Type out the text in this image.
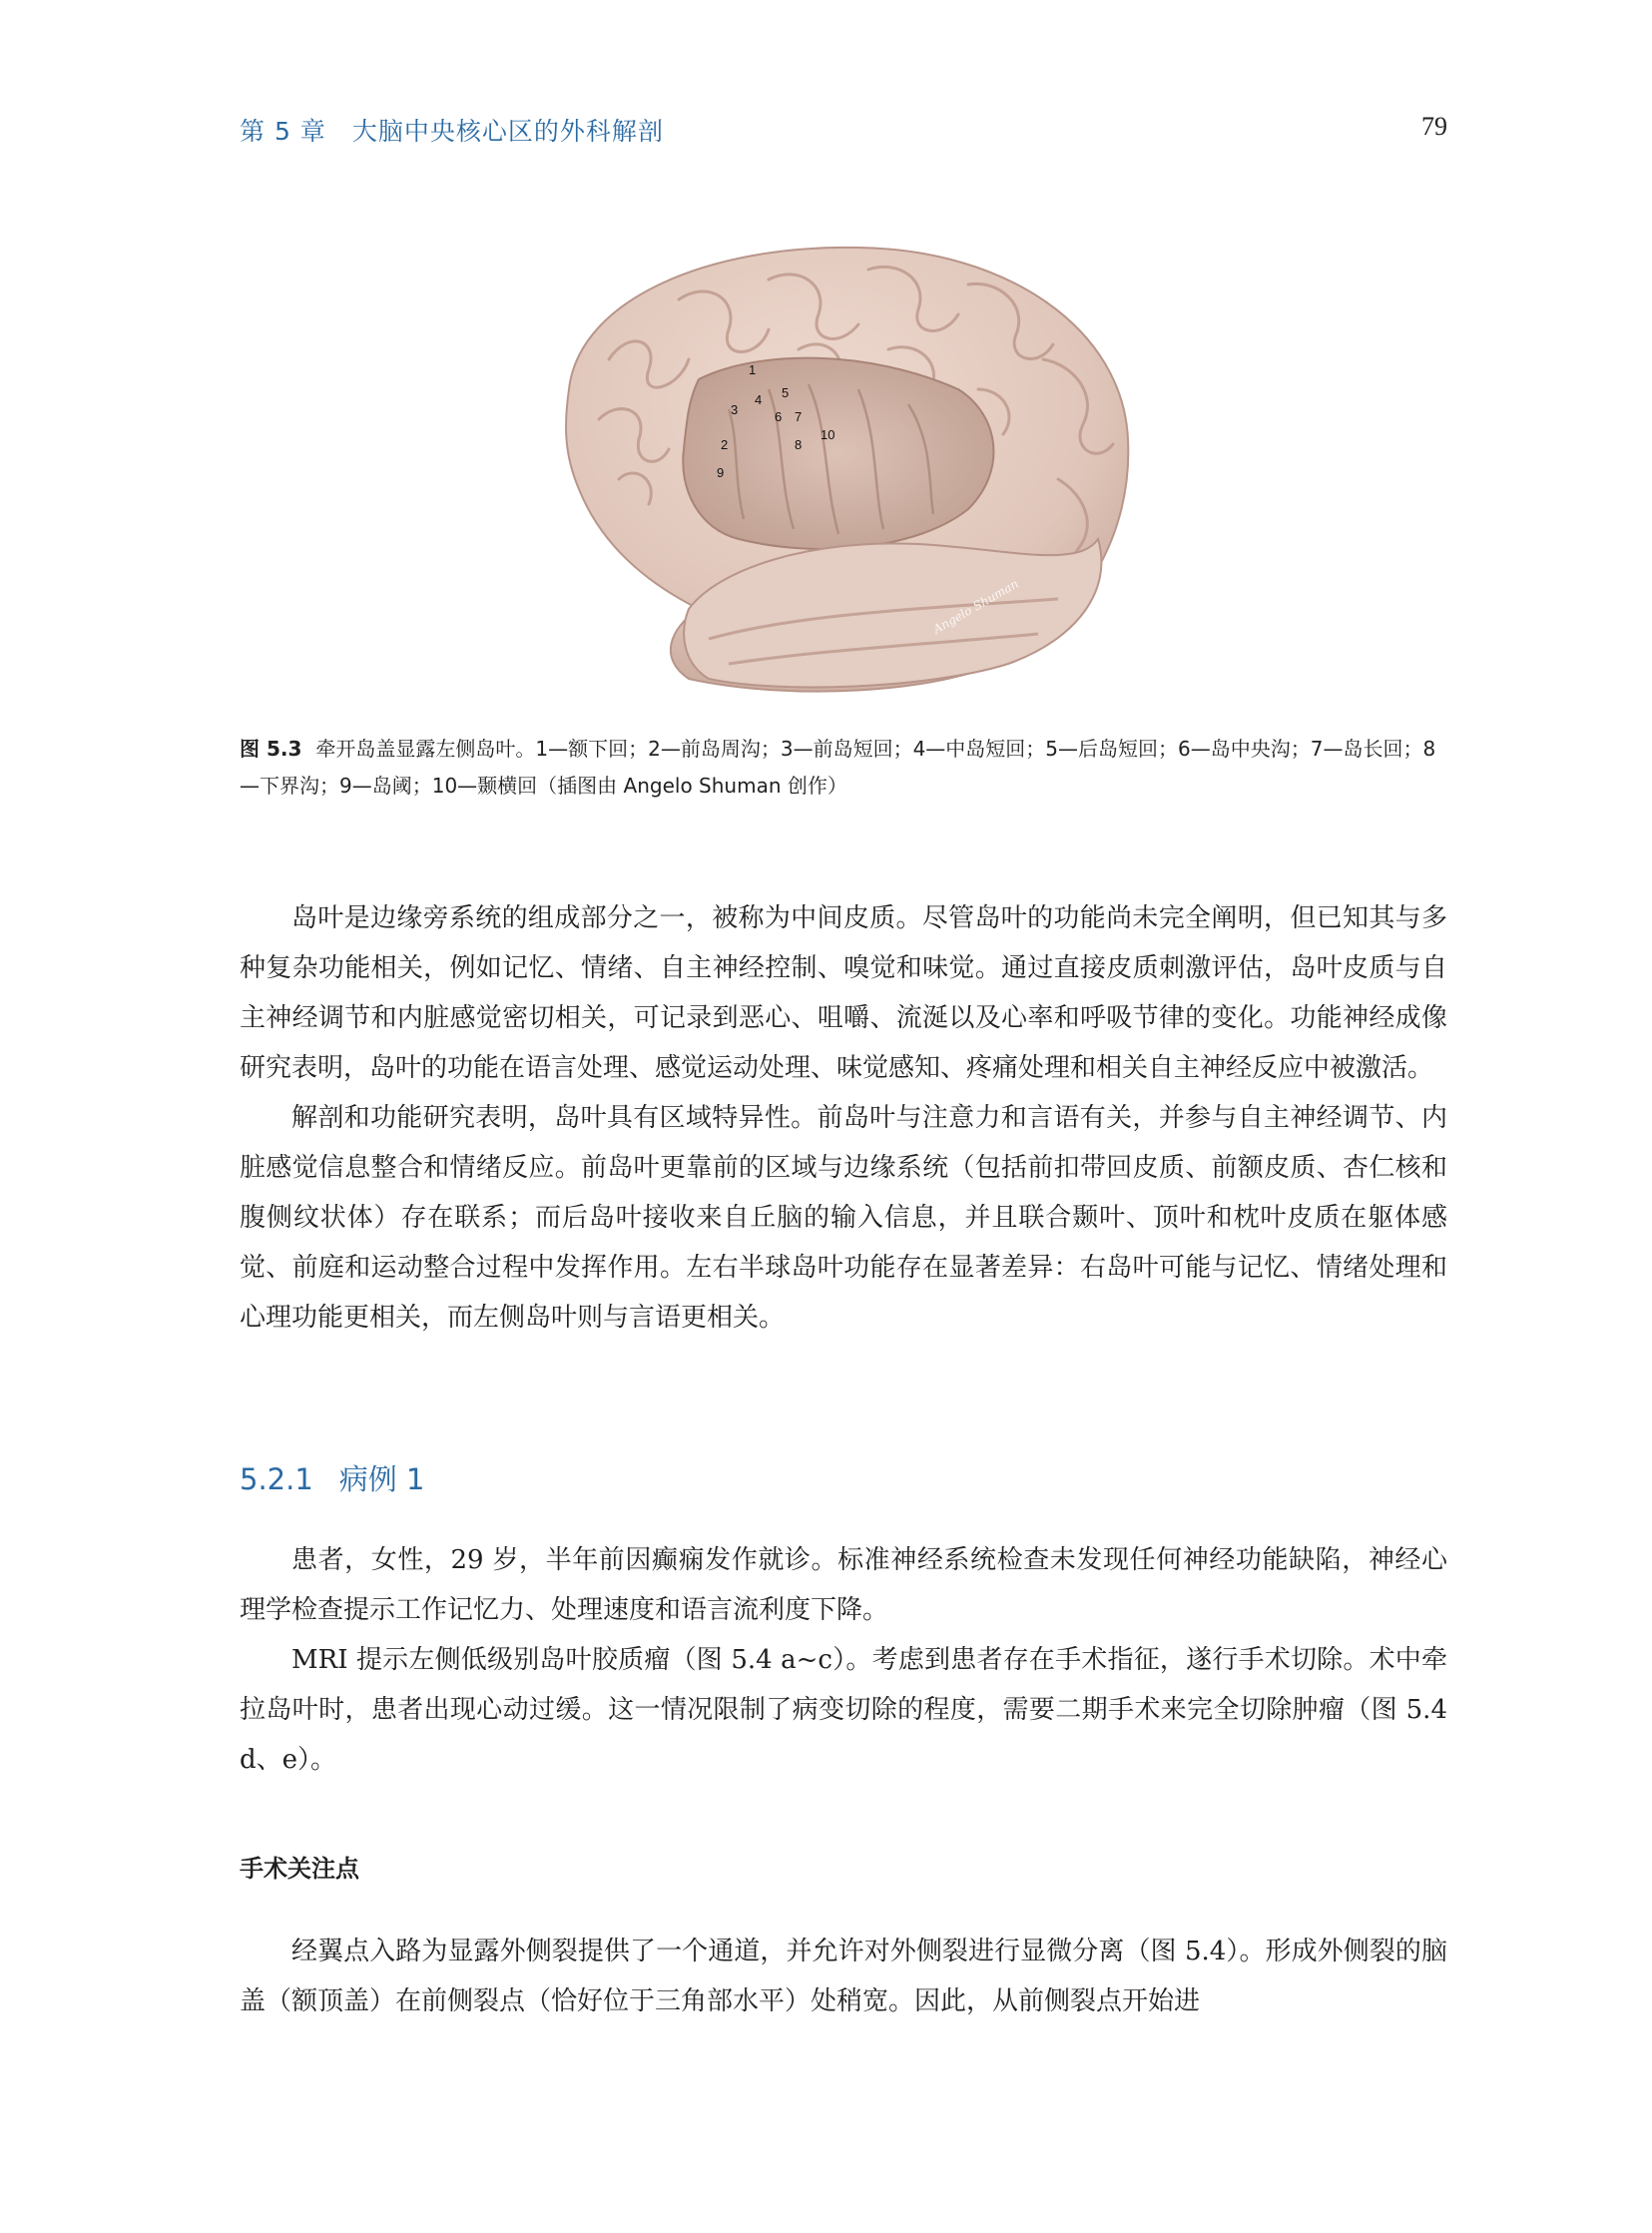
第 5 章 大脑中央核心区的外科解剖	79
1
2
3
4 5
6 7
8
9
10
Angelo Shuman
图 5.3 牵开岛盖显露左侧岛叶。1—额下回；2—前岛周沟；3—前岛短回；4—中岛短回；5—后岛短回；6—岛中央沟；7—岛长回；8—下界沟；9—岛阈；10—颞横回（插图由 Angelo Shuman 创作）

岛叶是边缘旁系统的组成部分之一，被称为中间皮质。尽管岛叶的功能尚未完全阐明，但已知其与多种复杂功能相关，例如记忆、情绪、自主神经控制、嗅觉和味觉。通过直接皮质刺激评估，岛叶皮质与自主神经调节和内脏感觉密切相关，可记录到恶心、咀嚼、流涎以及心率和呼吸节律的变化。功能神经成像研究表明，岛叶的功能在语言处理、感觉运动处理、味觉感知、疼痛处理和相关自主神经反应中被激活。

解剖和功能研究表明，岛叶具有区域特异性。前岛叶与注意力和言语有关，并参与自主神经调节、内脏感觉信息整合和情绪反应。前岛叶更靠前的区域与边缘系统（包括前扣带回皮质、前额皮质、杏仁核和腹侧纹状体）存在联系；而后岛叶接收来自丘脑的输入信息，并且联合颞叶、顶叶和枕叶皮质在躯体感觉、前庭和运动整合过程中发挥作用。左右半球岛叶功能存在显著差异：右岛叶可能与记忆、情绪处理和心理功能更相关，而左侧岛叶则与言语更相关。

5.2.1 病例 1

患者，女性，29 岁，半年前因癫痫发作就诊。标准神经系统检查未发现任何神经功能缺陷，神经心理学检查提示工作记忆力、处理速度和语言流利度下降。

MRI 提示左侧低级别岛叶胶质瘤（图 5.4 a~c）。考虑到患者存在手术指征，遂行手术切除。术中牵拉岛叶时，患者出现心动过缓。这一情况限制了病变切除的程度，需要二期手术来完全切除肿瘤（图 5.4 d、e）。

手术关注点

经翼点入路为显露外侧裂提供了一个通道，并允许对外侧裂进行显微分离（图 5.4）。形成外侧裂的脑盖（额顶盖）在前侧裂点（恰好位于三角部水平）处稍宽。因此，从前侧裂点开始进
